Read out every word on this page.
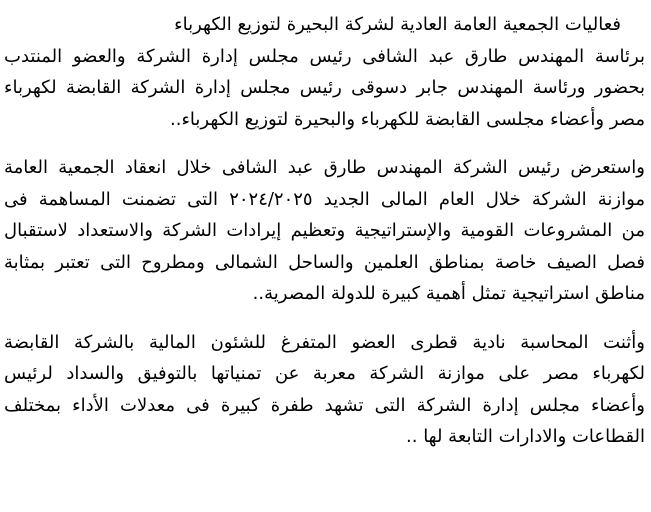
فعاليات الجمعية العامة العادية لشركة البحيرة لتوزيع الكهرباء
برئاسة المهندس طارق عبد الشافى رئيس مجلس إدارة الشركة والعضو المنتدب
بحضور ورئاسة المهندس جابر دسوقى رئيس مجلس إدارة الشركة القابضة لكهرباء
مصر وأعضاء مجلسى القابضة للكهرباء والبحيرة لتوزيع الكهرباء..
واستعرض رئيس الشركة المهندس طارق عبد الشافى خلال انعقاد الجمعية العامة
موازنة الشركة خلال العام المالى الجديد ٢٠٢٤/٢٠٢٥ التى تضمنت المساهمة فى
من المشروعات القومية والإستراتيجية وتعظيم إيرادات الشركة والاستعداد لاستقبال
فصل الصيف خاصة بمناطق العلمين والساحل الشمالى ومطروح التى تعتبر بمثابة
مناطق استراتيجية تمثل أهمية كبيرة للدولة المصرية..
وأثنت المحاسبة نادية قطرى العضو المتفرغ للشئون المالية بالشركة القابضة
لكهرباء مصر على موازنة الشركة معربة عن تمنياتها بالتوفيق والسداد لرئيس
وأعضاء مجلس إدارة الشركة التى تشهد طفرة كبيرة فى معدلات الأداء بمختلف
القطاعات والادارات التابعة لها ..
